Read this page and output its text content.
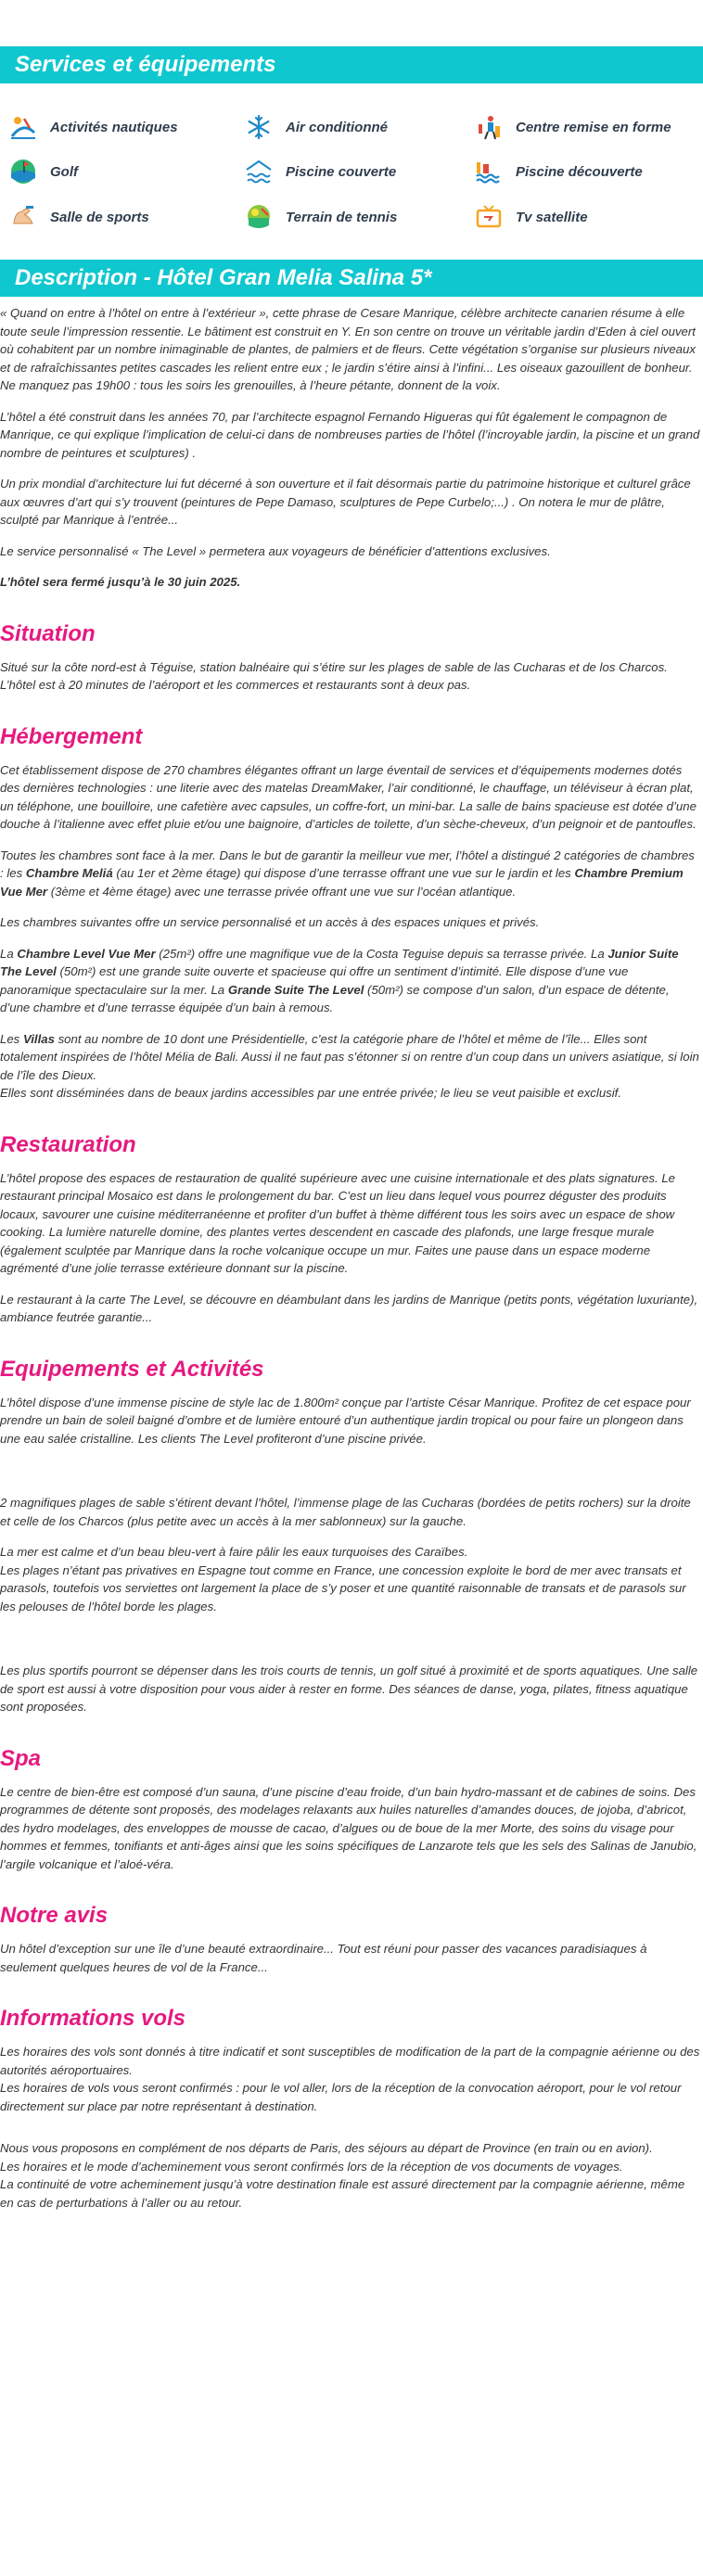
Services et équipements
Activités nautiques	Air conditionné	Centre remise en forme
Golf	Piscine couverte	Piscine découverte
Salle de sports	Terrain de tennis	Tv satellite
Description - Hôtel Gran Melia Salina 5*

« Quand on entre à l’hôtel on entre à l’extérieur », cette phrase de Cesare Manrique, célèbre architecte canarien résume à elle toute seule l’impression ressentie. Le bâtiment est construit en Y. En son centre on trouve un véritable jardin d’Eden à ciel ouvert où cohabitent par un nombre inimaginable de plantes, de palmiers et de fleurs. Cette végétation s’organise sur plusieurs niveaux et de rafraîchissantes petites cascades les relient entre eux ; le jardin s’étire ainsi à l’infini... Les oiseaux gazouillent de bonheur. Ne manquez pas 19h00 : tous les soirs les grenouilles, à l’heure pétante, donnent de la voix.

L’hôtel a été construit dans les années 70, par l’architecte espagnol Fernando Higueras qui fût également le compagnon de Manrique, ce qui explique l’implication de celui-ci dans de nombreuses parties de l’hôtel (l’incroyable jardin, la piscine et un grand nombre de peintures et sculptures) .

Un prix mondial d’architecture lui fut décerné à son ouverture et il fait désormais partie du patrimoine historique et culturel grâce aux œuvres d’art qui s’y trouvent (peintures de Pepe Damaso, sculptures de Pepe Curbelo;...) . On notera le mur de plâtre, sculpté par Manrique à l’entrée...

Le service personnalisé « The Level » permetera aux voyageurs de bénéficier d’attentions exclusives.

L’hôtel sera fermé jusqu’à le 30 juin 2025.

Situation

Situé sur la côte nord-est à Téguise, station balnéaire qui s’étire sur les plages de sable de las Cucharas et de los Charcos. L’hôtel est à 20 minutes de l’aéroport et les commerces et restaurants sont à deux pas.

Hébergement

Cet établissement dispose de 270 chambres élégantes offrant un large éventail de services et d’équipements modernes dotés des dernières technologies : une literie avec des matelas DreamMaker, l’air conditionné, le chauffage, un téléviseur à écran plat, un téléphone, une bouilloire, une cafetière avec capsules, un coffre-fort, un mini-bar. La salle de bains spacieuse est dotée d’une douche à l’italienne avec effet pluie et/ou une baignoire, d’articles de toilette, d’un sèche-cheveux, d’un peignoir et de pantoufles.

Toutes les chambres sont face à la mer. Dans le but de garantir la meilleur vue mer, l’hôtel a distingué 2 catégories de chambres : les Chambre Meliá (au 1er et 2ème étage) qui dispose d’une terrasse offrant une vue sur le jardin et les Chambre Premium Vue Mer (3ème et 4ème étage) avec une terrasse privée offrant une vue sur l’océan atlantique.

Les chambres suivantes offre un service personnalisé et un accès à des espaces uniques et privés.

La Chambre Level Vue Mer (25m²) offre une magnifique vue de la Costa Teguise depuis sa terrasse privée. La Junior Suite The Level (50m²) est une grande suite ouverte et spacieuse qui offre un sentiment d’intimité. Elle dispose d’une vue panoramique spectaculaire sur la mer. La Grande Suite The Level (50m²) se compose d’un salon, d’un espace de détente, d’une chambre et d’une terrasse équipée d’un bain à remous.

Les Villas sont au nombre de 10 dont une Présidentielle, c’est la catégorie phare de l’hôtel et même de l’île... Elles sont totalement inspirées de l’hôtel Mélia de Bali. Aussi il ne faut pas s’étonner si on rentre d’un coup dans un univers asiatique, si loin de l’île des Dieux.
Elles sont disséminées dans de beaux jardins accessibles par une entrée privée; le lieu se veut paisible et exclusif.

Restauration

L’hôtel propose des espaces de restauration de qualité supérieure avec une cuisine internationale et des plats signatures. Le restaurant principal Mosaico est dans le prolongement du bar. C’est un lieu dans lequel vous pourrez déguster des produits locaux, savourer une cuisine méditerranéenne et profiter d’un buffet à thème différent tous les soirs avec un espace de show cooking. La lumière naturelle domine, des plantes vertes descendent en cascade des plafonds, une large fresque murale (également sculptée par Manrique dans la roche volcanique occupe un mur. Faites une pause dans un espace moderne agrémenté d’une jolie terrasse extérieure donnant sur la piscine.

Le restaurant à la carte The Level, se découvre en déambulant dans les jardins de Manrique (petits ponts, végétation luxuriante), ambiance feutrée garantie...

Equipements et Activités

L’hôtel dispose d’une immense piscine de style lac de 1.800m² conçue par l’artiste César Manrique. Profitez de cet espace pour prendre un bain de soleil baigné d’ombre et de lumière entouré d’un authentique jardin tropical ou pour faire un plongeon dans une eau salée cristalline. Les clients The Level profiteront d’une piscine privée.

2 magnifiques plages de sable s’étirent devant l’hôtel, l’immense plage de las Cucharas (bordées de petits rochers) sur la droite et celle de los Charcos (plus petite avec un accès à la mer sablonneux) sur la gauche.

La mer est calme et d’un beau bleu-vert à faire pâlir les eaux turquoises des Caraïbes.
Les plages n’étant pas privatives en Espagne tout comme en France, une concession exploite le bord de mer avec transats et parasols, toutefois vos serviettes ont largement la place de s’y poser et une quantité raisonnable de transats et de parasols sur les pelouses de l’hôtel borde les plages.

Les plus sportifs pourront se dépenser dans les trois courts de tennis, un golf situé à proximité et de sports aquatiques. Une salle de sport est aussi à votre disposition pour vous aider à rester en forme. Des séances de danse, yoga, pilates, fitness aquatique sont proposées.

Spa

Le centre de bien-être est composé d’un sauna, d’une piscine d’eau froide, d’un bain hydro-massant et de cabines de soins. Des programmes de détente sont proposés, des modelages relaxants aux huiles naturelles d’amandes douces, de jojoba, d’abricot, des hydro modelages, des enveloppes de mousse de cacao, d’algues ou de boue de la mer Morte, des soins du visage pour hommes et femmes, tonifiants et anti-âges ainsi que les soins spécifiques de Lanzarote tels que les sels des Salinas de Janubio, l’argile volcanique et l’aloé-véra.

Notre avis

Un hôtel d’exception sur une île d’une beauté extraordinaire... Tout est réuni pour passer des vacances paradisiaques à seulement quelques heures de vol de la France...

Informations vols

Les horaires des vols sont donnés à titre indicatif et sont susceptibles de modification de la part de la compagnie aérienne ou des autorités aéroportuaires.
Les horaires de vols vous seront confirmés : pour le vol aller, lors de la réception de la convocation aéroport, pour le vol retour directement sur place par notre représentant à destination.

Nous vous proposons en complément de nos départs de Paris, des séjours au départ de Province (en train ou en avion).
Les horaires et le mode d’acheminement vous seront confirmés lors de la réception de vos documents de voyages.
La continuité de votre acheminement jusqu’à votre destination finale est assuré directement par la compagnie aérienne, même en cas de perturbations à l’aller ou au retour.
